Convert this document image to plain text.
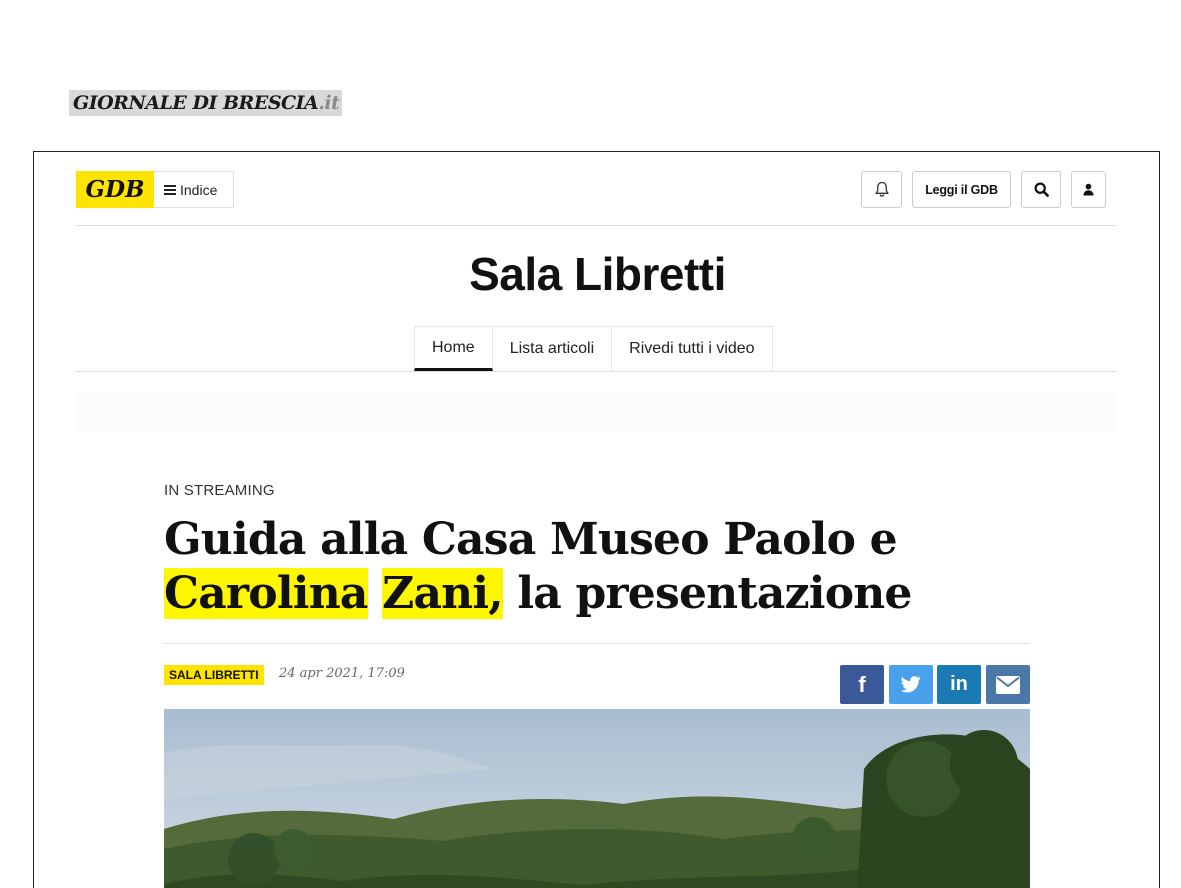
GIORNALE DI BRESCIA .it
GDB	Indice	Leggi il GDB
Sala Libretti
Home	Lista articoli	Rivedi tutti i video
IN STREAMING
Guida alla Casa Museo Paolo e
Carolina Zani, la presentazione
SALA LIBRETTI	24 apr 2021, 17:09	f	in
